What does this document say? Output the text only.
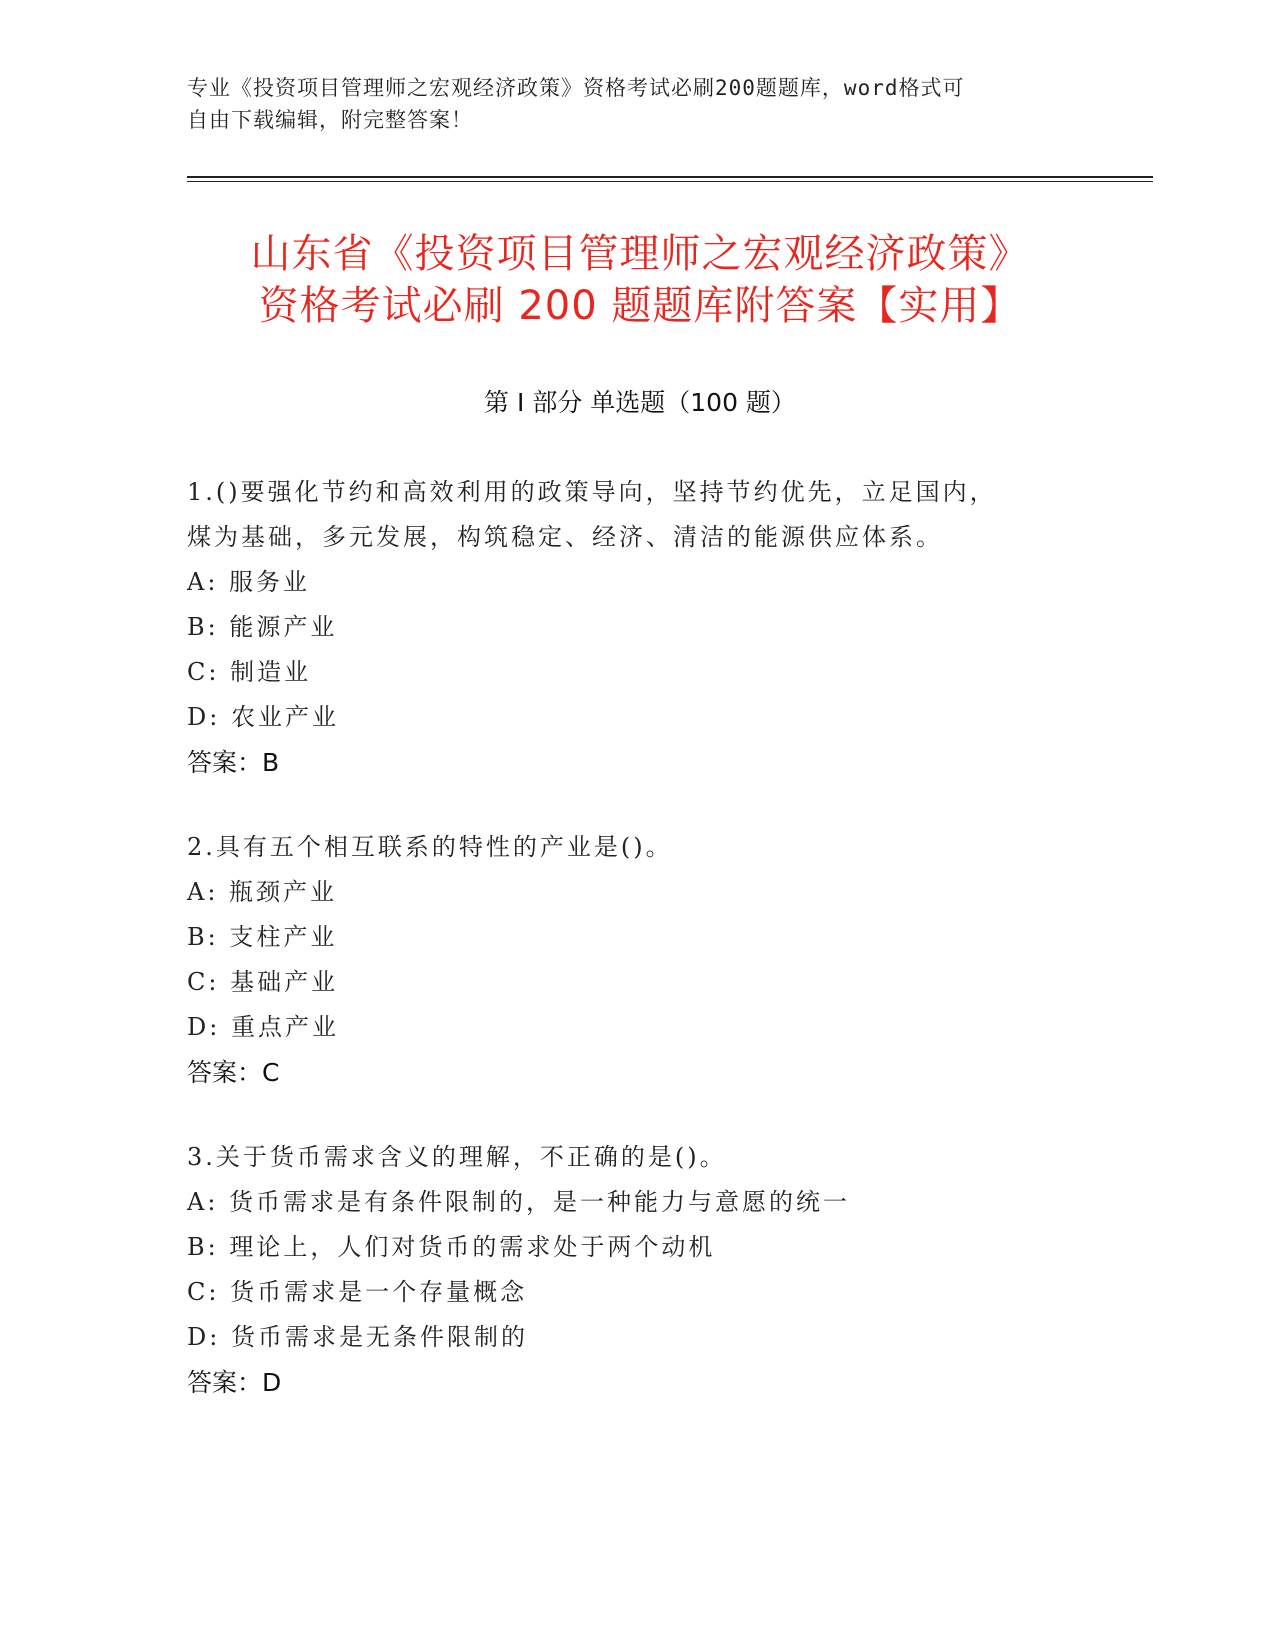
专业《投资项目管理师之宏观经济政策》资格考试必刷200题题库，word格式可
自由下载编辑，附完整答案！
山东省《投资项目管理师之宏观经济政策》
资格考试必刷 200 题题库附答案【实用】
第 I 部分 单选题（100 题）
1.()要强化节约和高效利用的政策导向，坚持节约优先，立足国内，
煤为基础，多元发展，构筑稳定、经济、清洁的能源供应体系。
A: 服务业
B: 能源产业
C: 制造业
D: 农业产业
答案：B
2.具有五个相互联系的特性的产业是()。
A: 瓶颈产业
B: 支柱产业
C: 基础产业
D: 重点产业
答案：C
3.关于货币需求含义的理解，不正确的是()。
A: 货币需求是有条件限制的，是一种能力与意愿的统一
B: 理论上，人们对货币的需求处于两个动机
C: 货币需求是一个存量概念
D: 货币需求是无条件限制的
答案：D
